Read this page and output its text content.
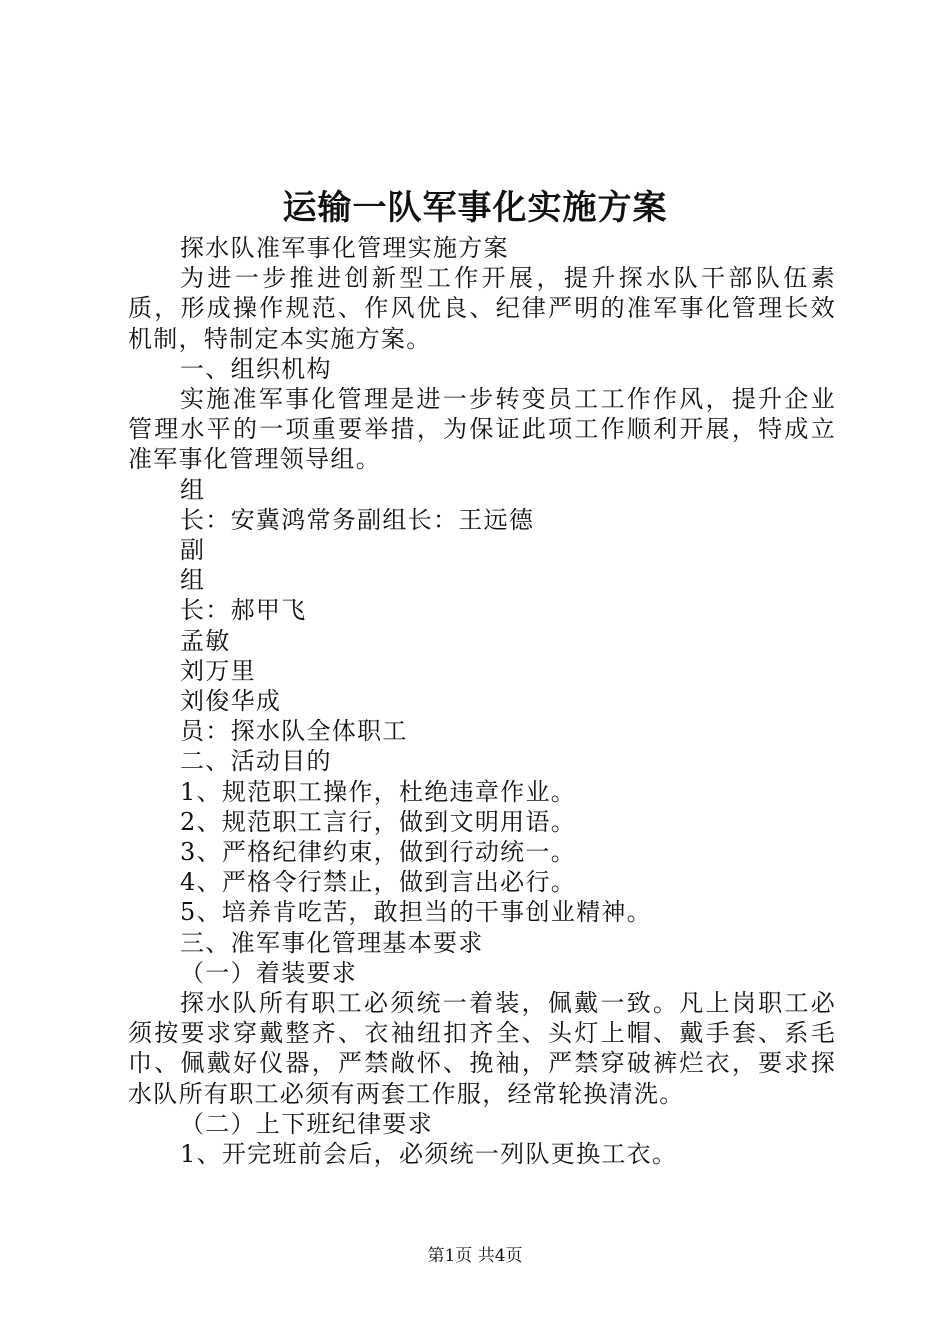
运输一队军事化实施方案

探水队准军事化管理实施方案

为进一步推进创新型工作开展，提升探水队干部队伍素质，形成操作规范、作风优良、纪律严明的准军事化管理长效机制，特制定本实施方案。

一、组织机构

实施准军事化管理是进一步转变员工工作作风，提升企业管理水平的一项重要举措，为保证此项工作顺利开展，特成立准军事化管理领导组。

组

长：安冀鸿常务副组长：王远德

副

组

长：郝甲飞

孟敏

刘万里

刘俊华成

员：探水队全体职工

二、活动目的

1、规范职工操作，杜绝违章作业。

2、规范职工言行，做到文明用语。

3、严格纪律约束，做到行动统一。

4、严格令行禁止，做到言出必行。

5、培养肯吃苦，敢担当的干事创业精神。

三、准军事化管理基本要求

（一）着装要求

探水队所有职工必须统一着装，佩戴一致。凡上岗职工必须按要求穿戴整齐、衣袖纽扣齐全、头灯上帽、戴手套、系毛巾、佩戴好仪器，严禁敞怀、挽袖，严禁穿破裤烂衣，要求探水队所有职工必须有两套工作服，经常轮换清洗。

（二）上下班纪律要求

1、开完班前会后，必须统一列队更换工衣。

第1页 共4页
